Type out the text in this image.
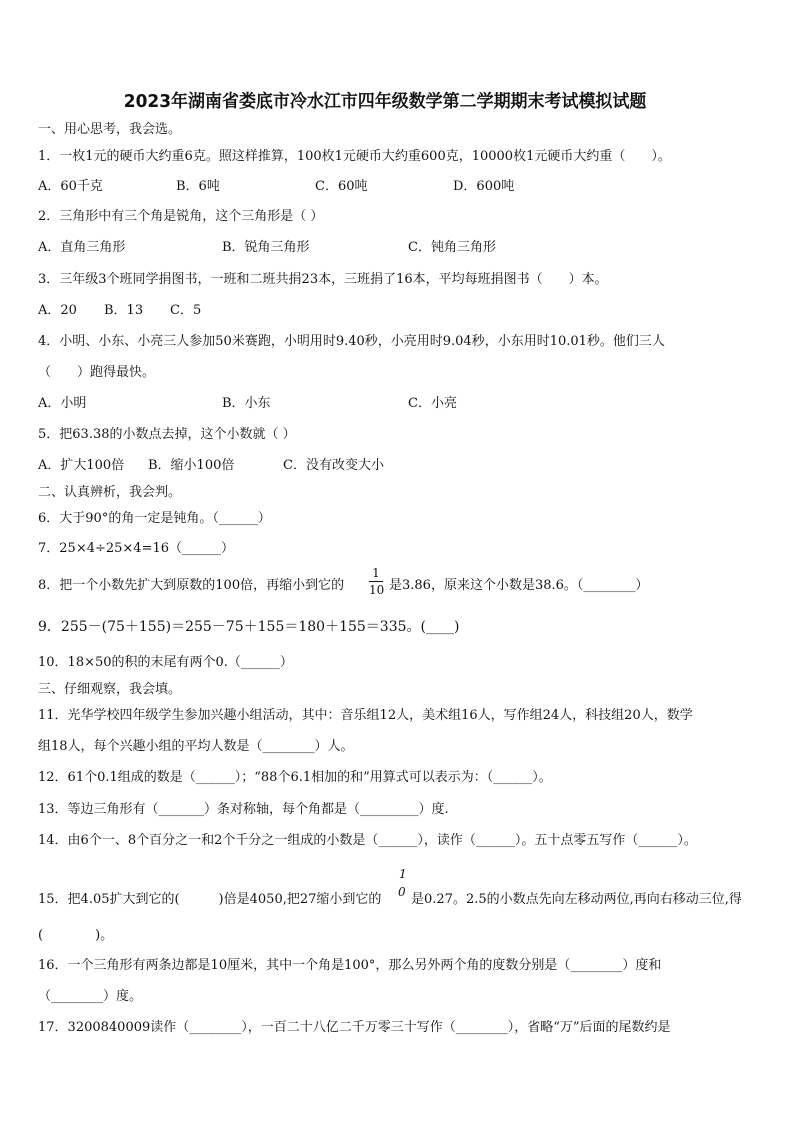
2023年湖南省娄底市冷水江市四年级数学第二学期期末考试模拟试题
一、用心思考，我会选。
1．一枚1元的硬币大约重6克。照这样推算，100枚1元硬币大约重600克，10000枚1元硬币大约重（　　）。
A．60千克	B．6吨	C．60吨	D．600吨
2．三角形中有三个角是锐角，这个三角形是（ ）
A．直角三角形	B．锐角三角形	C．钝角三角形
3．三年级3个班同学捐图书，一班和二班共捐23本，三班捐了16本，平均每班捐图书（　　）本。
A．20 B．13 C．5
4．小明、小东、小亮三人参加50米赛跑，小明用时9.40秒，小亮用时9.04秒，小东用时10.01秒。他们三人
（　　）跑得最快。
A．小明	B．小东	C．小亮
5．把63.38的小数点去掉，这个小数就（ ）
A．扩大100倍 B．缩小100倍	C．没有改变大小
二、认真辨析，我会判。
6．大于90°的角一定是钝角。（______）
7．25×4÷25×4=16（______）
8．把一个小数先扩大到原数的100倍，再缩小到它的
1
10 是3.86，原来这个小数是38.6。（________）
9．255－(75＋155)＝255－75＋155＝180＋155＝335。(____)
10．18×50的积的末尾有两个0.（______）
三、仔细观察，我会填。
11．光华学校四年级学生参加兴趣小组活动，其中：音乐组12人，美术组16人，写作组24人，科技组20人，数学
组18人，每个兴趣小组的平均人数是（________）人。
12．61个0.1组成的数是（______）；“88个6.1相加的和”用算式可以表示为：（______）。
13．等边三角形有（_______）条对称轴，每个角都是（_________）度.
14．由6个一、8个百分之一和2个千分之一组成的小数是（______），读作（______）。五十点零五写作（______）。
1
0
15．把4.05扩大到它的(　　　)倍是4050,把27缩小到它的 是0.27。2.5的小数点先向左移动两位,再向右移动三位,得
(　　　　)。
16．一个三角形有两条边都是10厘米，其中一个角是100°，那么另外两个角的度数分别是（________）度和
（________）度。
17．3200840009读作（________），一百二十八亿二千万零三十写作（________），省略“万”后面的尾数约是
